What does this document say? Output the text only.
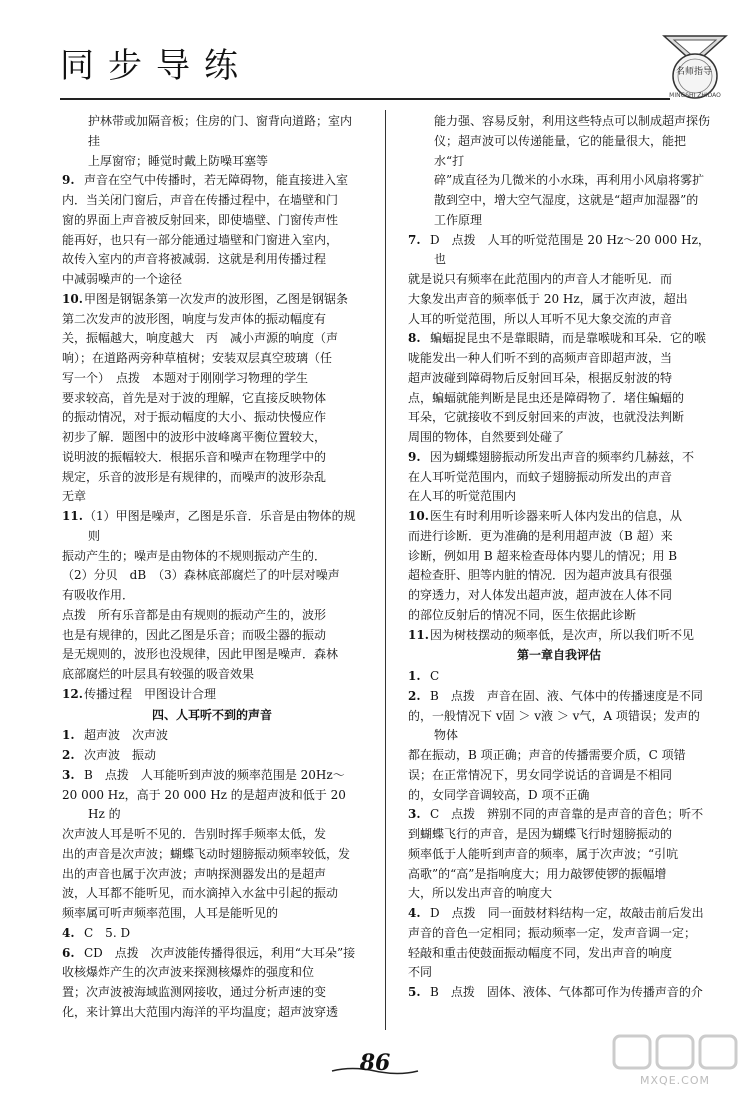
同步导练	名师指导
MINGSHI ZHIDAO
护林带或加隔音板；住房的门、窗背向道路；室内挂
上厚窗帘；睡觉时戴上防噪耳塞等
9. 声音在空气中传播时，若无障碍物，能直接进入室

内．当关闭门窗后，声音在传播过程中，在墙壁和门
窗的界面上声音被反射回来，即使墙壁、门窗传声性
能再好，也只有一部分能通过墙壁和门窗进入室内，
故传入室内的声音将被减弱．这就是利用传播过程
中减弱噪声的一个途径
10.甲图是钢锯条第一次发声的波形图，乙图是钢锯条

第二次发声的波形图，响度与发声体的振动幅度有
关，振幅越大，响度越大　丙　减小声源的响度（声
响）；在道路两旁种草植树；安装双层真空玻璃（任
写一个）　点拨　本题对于刚刚学习物理的学生
要求较高，首先是对于波的理解，它直接反映物体
的振动情况，对于振动幅度的大小、振动快慢应作
初步了解．题图中的波形中波峰离平衡位置较大，
说明波的振幅较大．根据乐音和噪声在物理学中的
规定，乐音的波形是有规律的，而噪声的波形杂乱
无章
11.（1）甲图是噪声，乙图是乐音．乐音是由物体的规则

振动产生的；噪声是由物体的不规则振动产生的．
（2）分贝　dB　（3）森林底部腐烂了的叶层对噪声
有吸收作用．
点拨　所有乐音都是由有规则的振动产生的，波形
也是有规律的，因此乙图是乐音；而吸尘器的振动
是无规则的，波形也没规律，因此甲图是噪声．森林
底部腐烂的叶层具有较强的吸音效果
12.传播过程　甲图设计合理
四、人耳听不到的声音
1. 超声波　次声波
2. 次声波　振动
3. B　点拨　人耳能听到声波的频率范围是 20Hz～

20 000 Hz，高于 20 000 Hz 的是超声波和低于 20 Hz 的
次声波人耳是听不见的．告别时挥手频率太低，发
出的声音是次声波；蝴蝶飞动时翅膀振动频率较低，发
出的声音也属于次声波；声呐探测器发出的是超声
波，人耳都不能听见，而水滴掉入水盆中引起的振动
频率属可听声频率范围，人耳是能听见的
4. C　5. D
6. CD　点拨　次声波能传播得很远，利用“大耳朵”接

收核爆炸产生的次声波来探测核爆炸的强度和位
置；次声波被海域监测网接收，通过分析声速的变
化，来计算出大范围内海洋的平均温度；超声波穿透
能力强、容易反射，利用这些特点可以制成超声探伤
仪；超声波可以传递能量，它的能量很大，能把水“打
碎”成直径为几微米的小水珠，再利用小风扇将雾扩
散到空中，增大空气湿度，这就是“超声加湿器”的
工作原理
7. D　点拨　人耳的听觉范围是 20 Hz～20 000 Hz，也

就是说只有频率在此范围内的声音人才能听见．而
大象发出声音的频率低于 20 Hz，属于次声波，超出
人耳的听觉范围，所以人耳听不见大象交流的声音
8. 蝙蝠捉昆虫不是靠眼睛，而是靠喉咙和耳朵．它的喉

咙能发出一种人们听不到的高频声音即超声波，当
超声波碰到障碍物后反射回耳朵，根据反射波的特
点，蝙蝠就能判断是昆虫还是障碍物了．堵住蝙蝠的
耳朵，它就接收不到反射回来的声波，也就没法判断
周围的物体，自然要到处碰了
9. 因为蝴蝶翅膀振动所发出声音的频率约几赫兹，不

在人耳听觉范围内，而蚊子翅膀振动所发出的声音
在人耳的听觉范围内
10.医生有时利用听诊器来听人体内发出的信息，从

而进行诊断．更为准确的是利用超声波（B 超）来
诊断，例如用 B 超来检查母体内婴儿的情况；用 B
超检查肝、胆等内脏的情况．因为超声波具有很强
的穿透力，对人体发出超声波，超声波在人体不同
的部位反射后的情况不同，医生依据此诊断
11.因为树枝摆动的频率低，是次声，所以我们听不见
第一章自我评估
1. C
2. B　点拨　声音在固、液、气体中的传播速度是不同

的，一般情况下 v固 ＞ v液 ＞ v气，A 项错误；发声的物体
都在振动，B 项正确；声音的传播需要介质，C 项错
误；在正常情况下，男女同学说话的音调是不相同
的，女同学音调较高，D 项不正确
3. C　点拨　辨别不同的声音靠的是声音的音色；听不

到蝴蝶飞行的声音，是因为蝴蝶飞行时翅膀振动的
频率低于人能听到声音的频率，属于次声波；“引吭
高歌”的“高”是指响度大；用力敲锣使锣的振幅增
大，所以发出声音的响度大
4. D　点拨　同一面鼓材料结构一定，故敲击前后发出

声音的音色一定相同；振动频率一定，发声音调一定；
轻敲和重击使鼓面振动幅度不同，发出声音的响度
不同
5. B　点拨　固体、液体、气体都可作为传播声音的介
86
MXQE.COM
